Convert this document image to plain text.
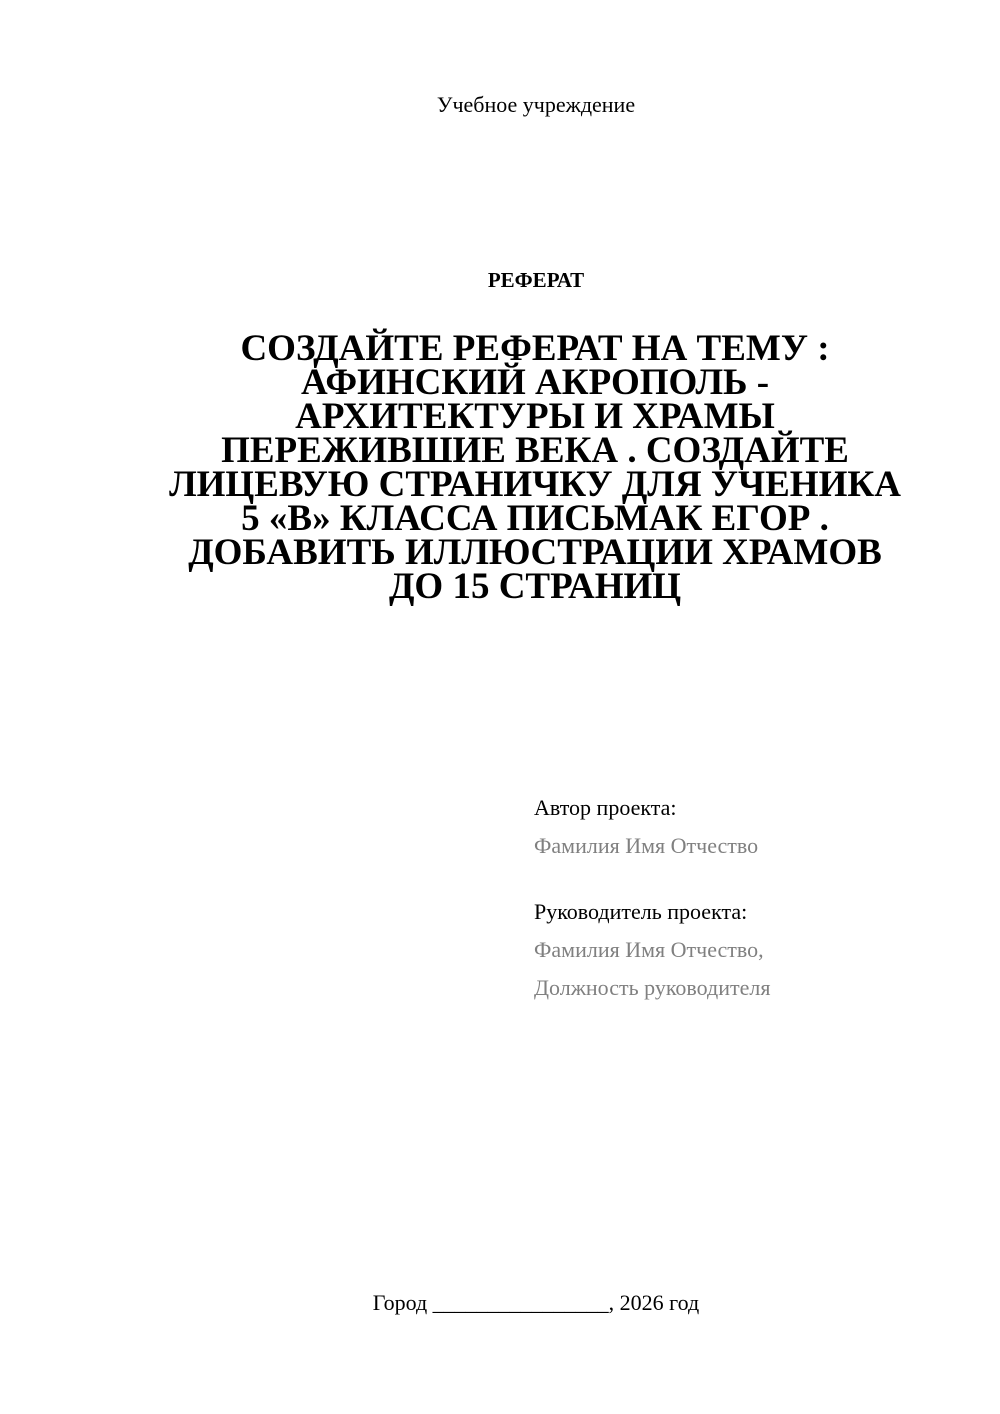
Учебное учреждение
РЕФЕРАТ
СОЗДАЙТЕ РЕФЕРАТ НА ТЕМУ :
АФИНСКИЙ АКРОПОЛЬ -
АРХИТЕКТУРЫ И ХРАМЫ
ПЕРЕЖИВШИЕ ВЕКА . СОЗДАЙТЕ
ЛИЦЕВУЮ СТРАНИЧКУ ДЛЯ УЧЕНИКА
5 «В» КЛАССА ПИСЬМАК ЕГОР .
ДОБАВИТЬ ИЛЛЮСТРАЦИИ ХРАМОВ
ДО 15 СТРАНИЦ
Автор проекта:
Фамилия Имя Отчество
Руководитель проекта:
Фамилия Имя Отчество,
Должность руководителя
Город ________________, 2026 год
